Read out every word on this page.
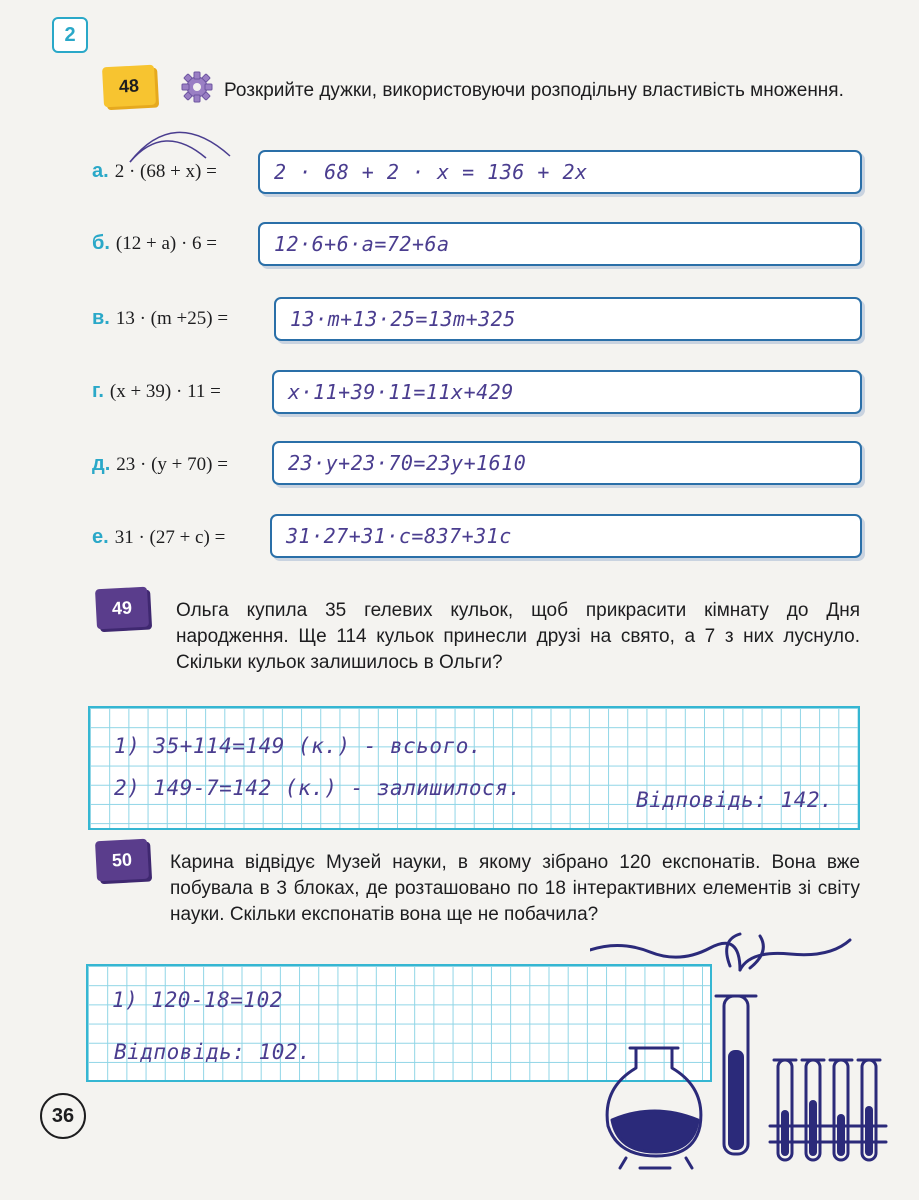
2
48	Розкрийте дужки, використовуючи розподільну властивість множення.
а. 2 · (68 + x) =	2 · 68 + 2 · x = 136 + 2x
б. (12 + a) · 6 =	12·6+6·a=72+6a
в. 13 · (m +25) =	13·m+13·25=13m+325
г. (x + 39) · 11 =	x·11+39·11=11x+429
д. 23 · (y + 70) =	23·y+23·70=23y+1610
е. 31 · (27 + c) =	31·27+31·c=837+31c
49	Ольга купила 35 гелевих кульок, щоб прикрасити кімнату до Дня народження. Ще 114 кульок принесли друзі на свято, а 7 з них луснуло. Скільки кульок залишилось в Ольги?
1) 35+114=149 (к.) - всього.
2) 149-7=142 (к.) - залишилося.	Відповідь: 142.
50	Карина відвідує Музей науки, в якому зібрано 120 експонатів. Вона вже побувала в 3 блоках, де розташовано по 18 інтерактивних елементів зі світу науки. Скільки експонатів вона ще не побачила?
1) 120-18=102
Відповідь: 102.
36
